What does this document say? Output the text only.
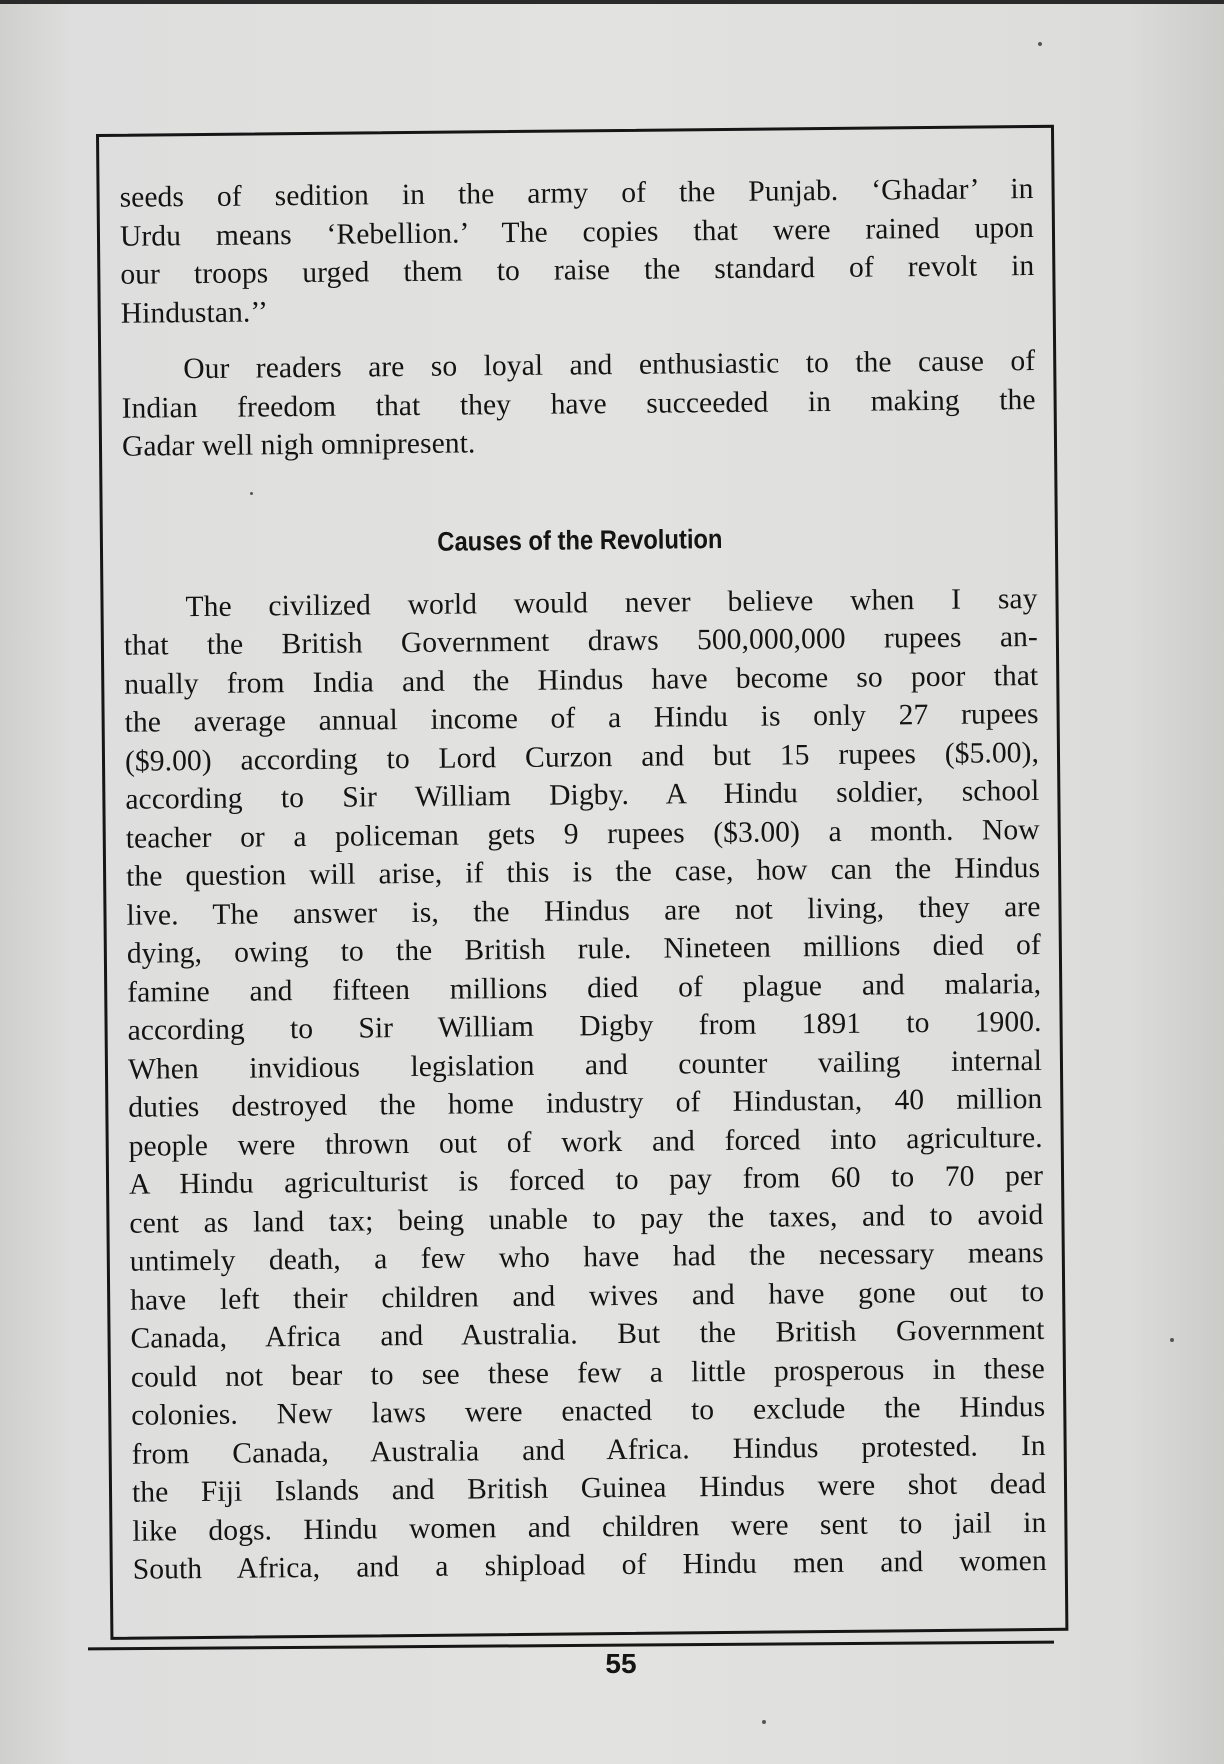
seeds of sedition in the army of the Punjab. ‘Ghadar’ in
Urdu means ‘Rebellion.’ The copies that were rained upon
our troops urged them to raise the standard of revolt in
Hindustan.’’

Our readers are so loyal and enthusiastic to the cause of
Indian freedom that they have succeeded in making the
Gadar well nigh omnipresent.

Causes of the Revolution

The civilized world would never believe when I say
that the British Government draws 500,000,000 rupees an-
nually from India and the Hindus have become so poor that
the average annual income of a Hindu is only 27 rupees
($9.00) according to Lord Curzon and but 15 rupees ($5.00),
according to Sir William Digby. A Hindu soldier, school
teacher or a policeman gets 9 rupees ($3.00) a month. Now
the question will arise, if this is the case, how can the Hindus
live. The answer is, the Hindus are not living, they are
dying, owing to the British rule. Nineteen millions died of
famine and fifteen millions died of plague and malaria,
according to Sir William Digby from 1891 to 1900.
When invidious legislation and counter vailing internal
duties destroyed the home industry of Hindustan, 40 million
people were thrown out of work and forced into agriculture.
A Hindu agriculturist is forced to pay from 60 to 70 per
cent as land tax; being unable to pay the taxes, and to avoid
untimely death, a few who have had the necessary means
have left their children and wives and have gone out to
Canada, Africa and Australia. But the British Government
could not bear to see these few a little prosperous in these
colonies. New laws were enacted to exclude the Hindus
from Canada, Australia and Africa. Hindus protested. In
the Fiji Islands and British Guinea Hindus were shot dead
like dogs. Hindu women and children were sent to jail in
South Africa, and a shipload of Hindu men and women

55
